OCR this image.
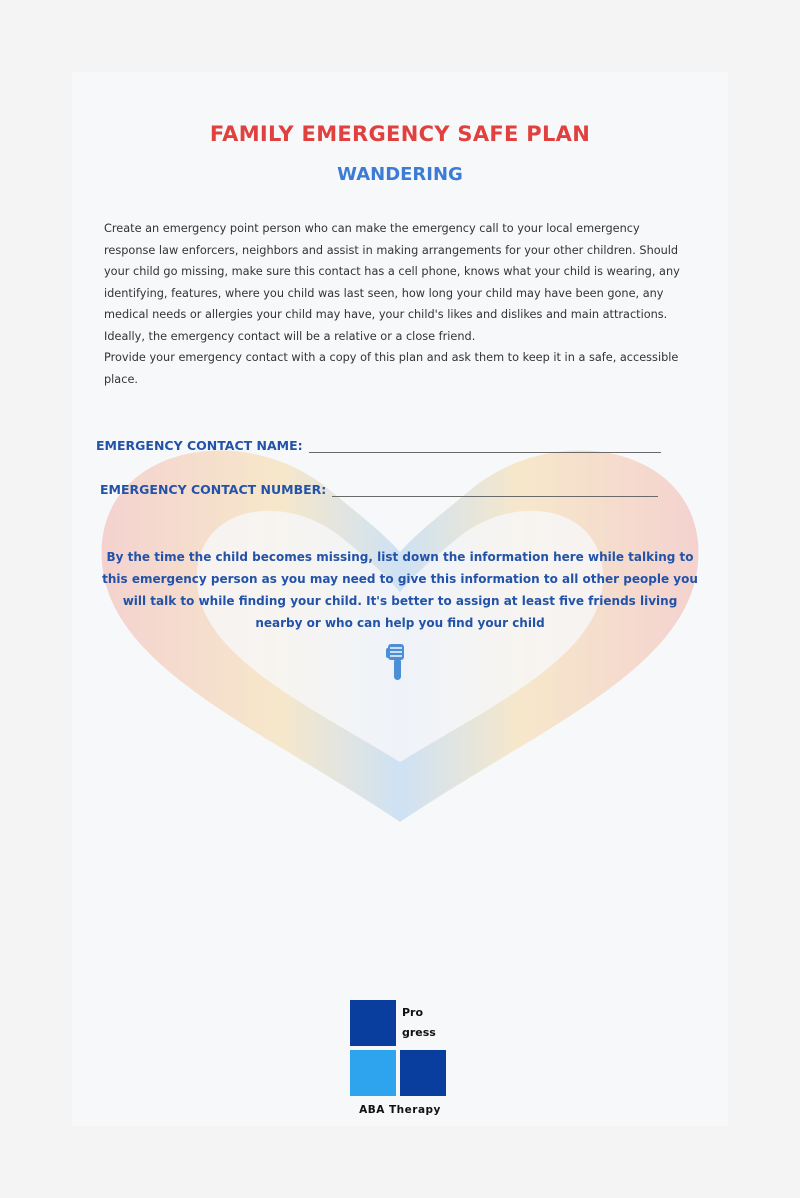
FAMILY EMERGENCY SAFE PLAN
WANDERING

Create an emergency point person who can make the emergency call to your local emergency response law enforcers, neighbors and assist in making arrangements for your other children. Should your child go missing, make sure this contact has a cell phone, knows what your child is wearing, any identifying, features, where you child was last seen, how long your child may have been gone, any medical needs or allergies your child may have, your child's likes and dislikes and main attractions. Ideally, the emergency contact will be a relative or a close friend.

Provide your emergency contact with a copy of this plan and ask them to keep it in a safe, accessible place.

EMERGENCY CONTACT NAME:
EMERGENCY CONTACT NUMBER:

By the time the child becomes missing, list down the information here while talking to this emergency person as you may need to give this information to all other people you will talk to while finding your child. It's better to assign at least five friends living nearby or who can help you find your child

Pro
gress
ABA Therapy
